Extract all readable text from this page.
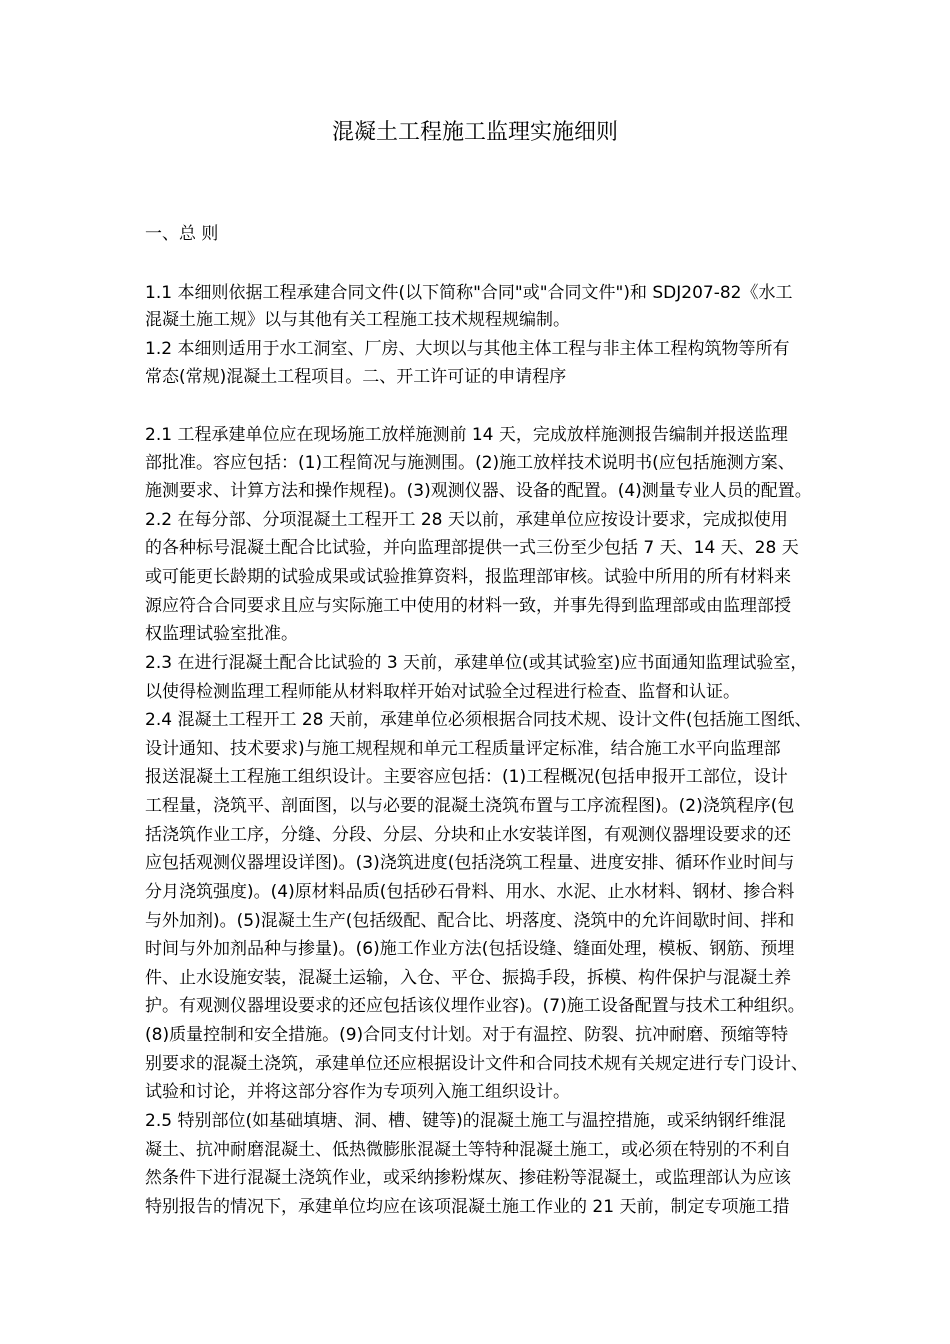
混凝土工程施工监理实施细则
一、总 则
1.1 本细则依据工程承建合同文件(以下简称"合同"或"合同文件")和 SDJ207-82《水工
混凝土施工规》以与其他有关工程施工技术规程规编制。
1.2 本细则适用于水工洞室、厂房、大坝以与其他主体工程与非主体工程构筑物等所有
常态(常规)混凝土工程项目。二、开工许可证的申请程序
2.1 工程承建单位应在现场施工放样施测前 14 天，完成放样施测报告编制并报送监理
部批准。容应包括：(1)工程简况与施测围。(2)施工放样技术说明书(应包括施测方案、
施测要求、计算方法和操作规程)。(3)观测仪器、设备的配置。(4)测量专业人员的配置。
2.2 在每分部、分项混凝土工程开工 28 天以前，承建单位应按设计要求，完成拟使用
的各种标号混凝土配合比试验，并向监理部提供一式三份至少包括 7 天、14 天、28 天
或可能更长龄期的试验成果或试验推算资料，报监理部审核。试验中所用的所有材料来
源应符合合同要求且应与实际施工中使用的材料一致，并事先得到监理部或由监理部授
权监理试验室批准。
2.3 在进行混凝土配合比试验的 3 天前，承建单位(或其试验室)应书面通知监理试验室，
以使得检测监理工程师能从材料取样开始对试验全过程进行检查、监督和认证。
2.4 混凝土工程开工 28 天前，承建单位必须根据合同技术规、设计文件(包括施工图纸、
设计通知、技术要求)与施工规程规和单元工程质量评定标准，结合施工水平向监理部
报送混凝土工程施工组织设计。主要容应包括：(1)工程概况(包括申报开工部位，设计
工程量，浇筑平、剖面图，以与必要的混凝土浇筑布置与工序流程图)。(2)浇筑程序(包
括浇筑作业工序，分缝、分段、分层、分块和止水安装详图，有观测仪器埋设要求的还
应包括观测仪器埋设详图)。(3)浇筑进度(包括浇筑工程量、进度安排、循环作业时间与
分月浇筑强度)。(4)原材料品质(包括砂石骨料、用水、水泥、止水材料、钢材、掺合料
与外加剂)。(5)混凝土生产(包括级配、配合比、坍落度、浇筑中的允许间歇时间、拌和
时间与外加剂品种与掺量)。(6)施工作业方法(包括设缝、缝面处理，模板、钢筋、预埋
件、止水设施安装，混凝土运输，入仓、平仓、振捣手段，拆模、构件保护与混凝土养
护。有观测仪器埋设要求的还应包括该仪埋作业容)。(7)施工设备配置与技术工种组织。
(8)质量控制和安全措施。(9)合同支付计划。对于有温控、防裂、抗冲耐磨、预缩等特
别要求的混凝土浇筑，承建单位还应根据设计文件和合同技术规有关规定进行专门设计、
试验和讨论，并将这部分容作为专项列入施工组织设计。
2.5 特别部位(如基础填塘、洞、槽、键等)的混凝土施工与温控措施，或采纳钢纤维混
凝土、抗冲耐磨混凝土、低热微膨胀混凝土等特种混凝土施工，或必须在特别的不利自
然条件下进行混凝土浇筑作业，或采纳掺粉煤灰、掺硅粉等混凝土，或监理部认为应该
特别报告的情况下，承建单位均应在该项混凝土施工作业的 21 天前，制定专项施工措
